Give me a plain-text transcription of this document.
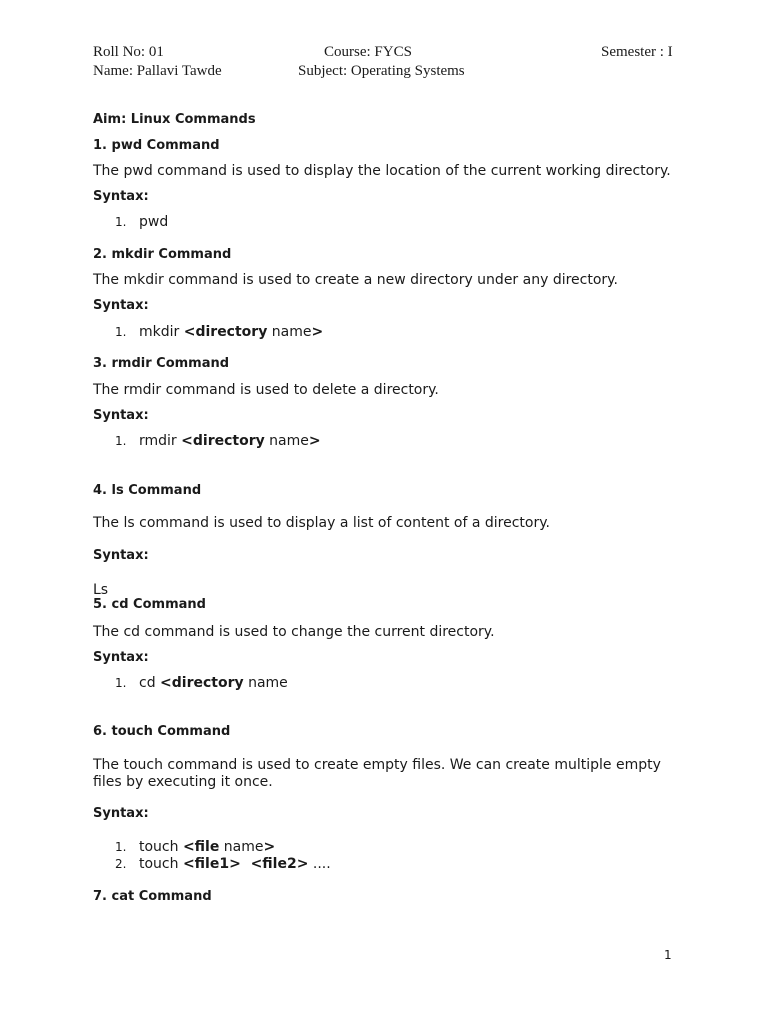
Roll No: 01	Course: FYCS	Semester : I
Name: Pallavi Tawde	Subject: Operating Systems
Aim: Linux Commands
1. pwd Command
The pwd command is used to display the location of the current working directory.
Syntax:
1. pwd
2. mkdir Command
The mkdir command is used to create a new directory under any directory.
Syntax:
1. mkdir <directory name>
3. rmdir Command
The rmdir command is used to delete a directory.
Syntax:
1. rmdir <directory name>
4. ls Command
The ls command is used to display a list of content of a directory.
Syntax:
Ls
5. cd Command
The cd command is used to change the current directory.
Syntax:
1. cd <directory name
6. touch Command
The touch command is used to create empty files. We can create multiple empty files by executing it once.
Syntax:
1. touch <file name>
2. touch <file1>  <file2> ....
7. cat Command
1
